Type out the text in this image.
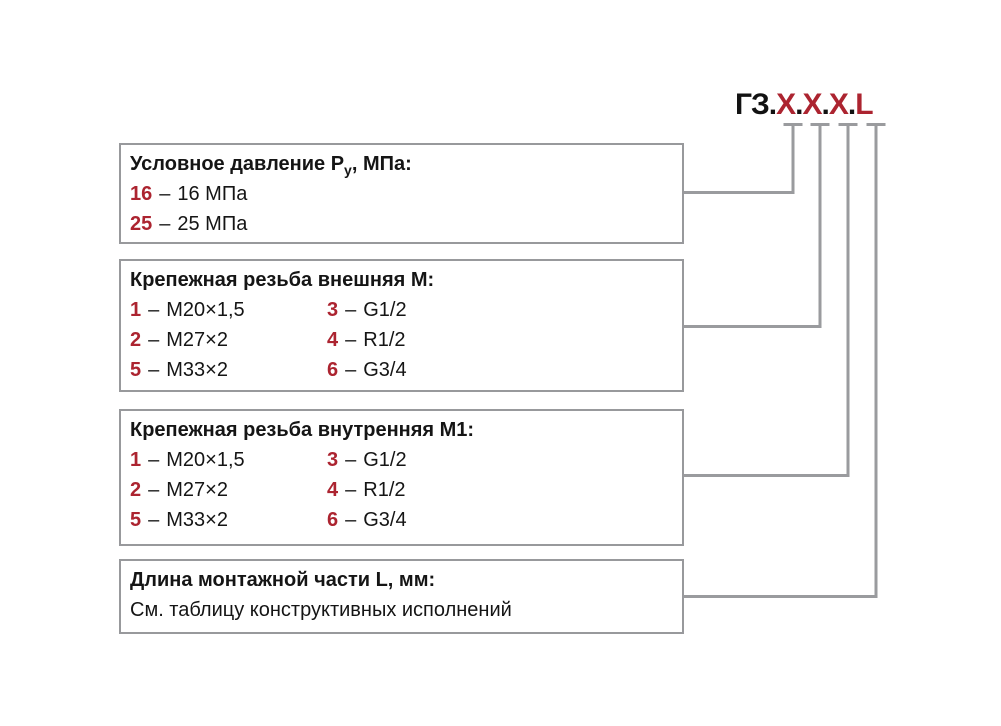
ГЗ.X.X.X.L
Условное давление $P_у$, МПа:
16 – 16 МПа
25 – 25 МПа
Крепежная резьба внешняя М:
1 – М20×1,5	3 – G1/2
2 – М27×2	4 – R1/2
5 – М33×2	6 – G3/4
Крепежная резьба внутренняя М1:
1 – М20×1,5	3 – G1/2
2 – М27×2	4 – R1/2
5 – М33×2	6 – G3/4
Длина монтажной части L, мм:
См. таблицу конструктивных исполнений
